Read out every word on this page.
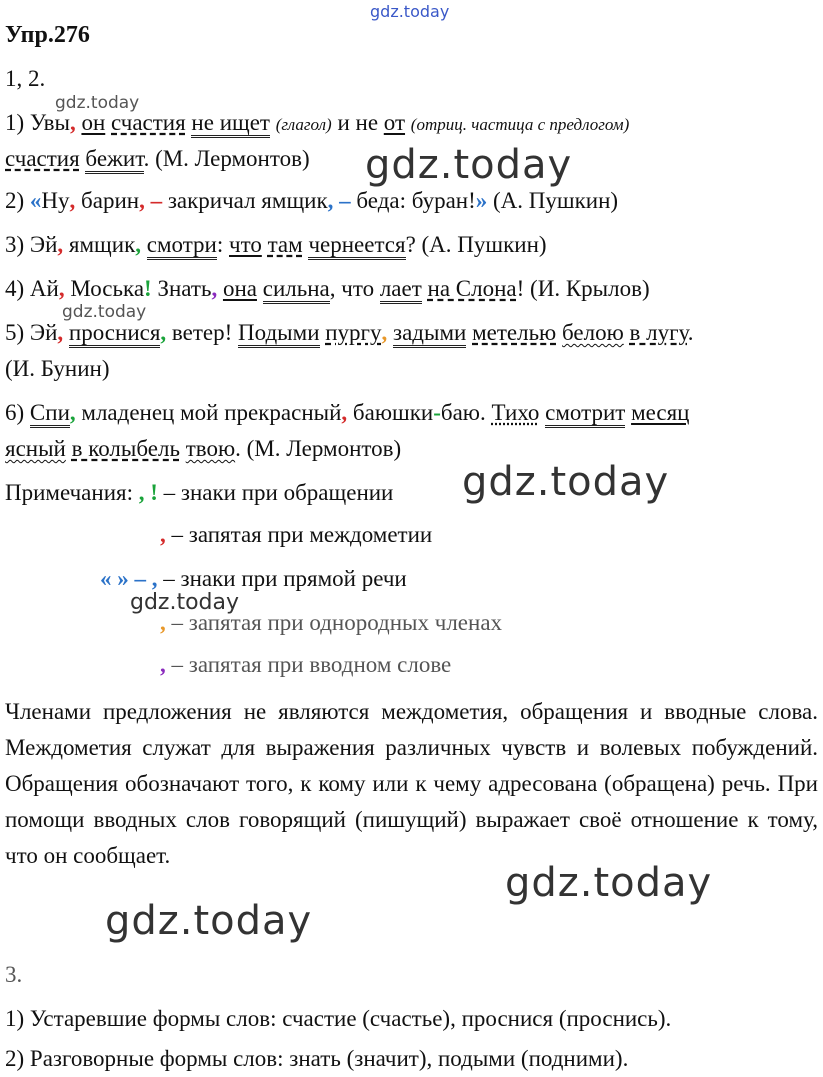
gdz.today
gdz.today
gdz.today
gdz.today
gdz.today
gdz.today
gdz.today
gdz.today
Упр.276
1, 2.
1) Увы, он счастия не ищет (глагол) и не от (отриц. частица с предлогом)
счастия бежит. (М. Лермонтов)
2) «Ну, барин, – закричал ямщик, – беда: буран!» (А. Пушкин)
3) Эй, ямщик, смотри: что там чернеется? (А. Пушкин)
4) Ай, Моська! Знать, она сильна, что лает на Слона! (И. Крылов)
5) Эй, проснися, ветер! Подыми пургу, задыми метелью белою в лугу.
(И. Бунин)
6) Спи, младенец мой прекрасный, баюшки-баю. Тихо смотрит месяц
ясный в колыбель твою. (М. Лермонтов)
Примечания: , ! – знаки при обращении
, – запятая при междометии
« » – , – знаки при прямой речи
, – запятая при однородных членах
, – запятая при вводном слове
Членами предложения не являются междометия, обращения и вводные слова. Междометия служат для выражения различных чувств и волевых побуждений. Обращения обозначают того, к кому или к чему адресована (обращена) речь. При помощи вводных слов говорящий (пишущий) выражает своё отношение к тому, что он сообщает.
3.
1) Устаревшие формы слов: счастие (счастье), проснися (проснись).
2) Разговорные формы слов: знать (значит), подыми (подними).
